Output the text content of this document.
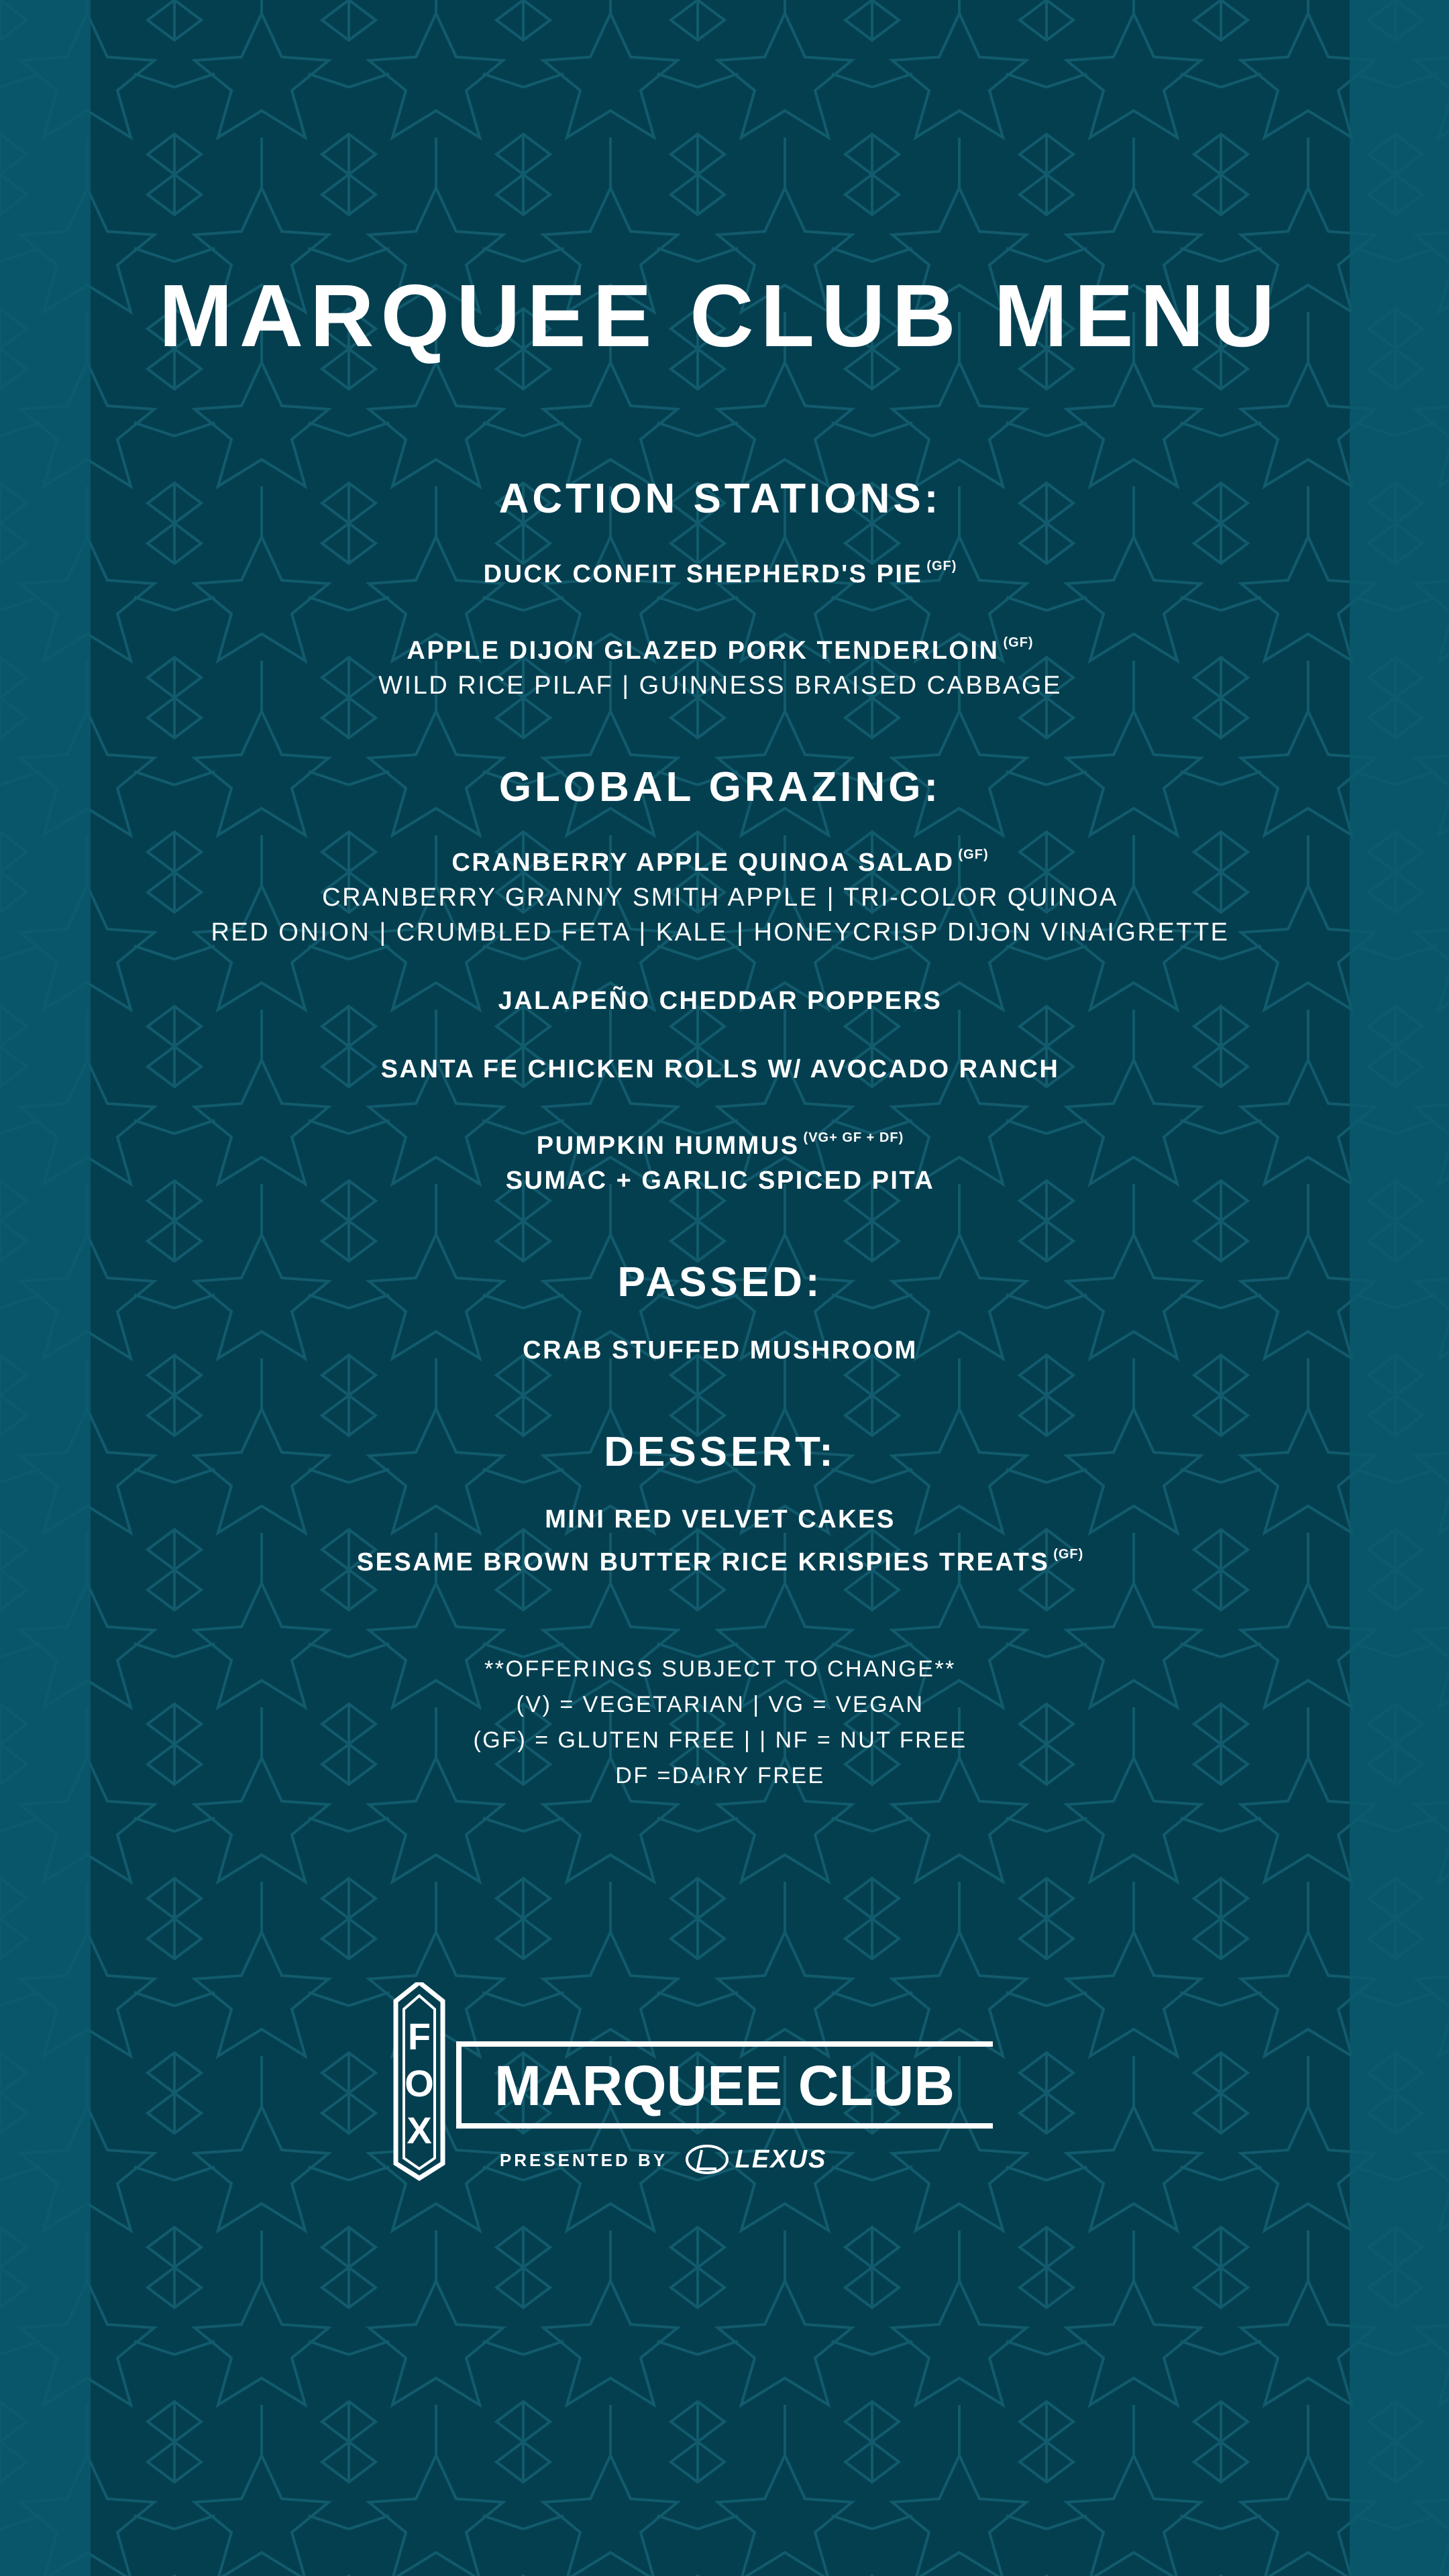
MARQUEE CLUB MENU
ACTION STATIONS:
DUCK CONFIT SHEPHERD'S PIE $^{(GF)}$
APPLE DIJON GLAZED PORK TENDERLOIN $^{(GF)}$
WILD RICE PILAF | GUINNESS BRAISED CABBAGE
GLOBAL GRAZING:
CRANBERRY APPLE QUINOA SALAD $^{(GF)}$
CRANBERRY GRANNY SMITH APPLE | TRI-COLOR QUINOA
RED ONION | CRUMBLED FETA | KALE | HONEYCRISP DIJON VINAIGRETTE
JALAPEÑO CHEDDAR POPPERS
SANTA FE CHICKEN ROLLS W/ AVOCADO RANCH
PUMPKIN HUMMUS $^{(VG+ GF + DF)}$
SUMAC + GARLIC SPICED PITA
PASSED:
CRAB STUFFED MUSHROOM
DESSERT:
MINI RED VELVET CAKES
SESAME BROWN BUTTER RICE KRISPIES TREATS $^{(GF)}$
**OFFERINGS SUBJECT TO CHANGE**
(V) = VEGETARIAN | VG = VEGAN
(GF) = GLUTEN FREE | | NF = NUT FREE
DF =DAIRY FREE
F
O
X
MARQUEE CLUB
PRESENTED BY	LEXUS
